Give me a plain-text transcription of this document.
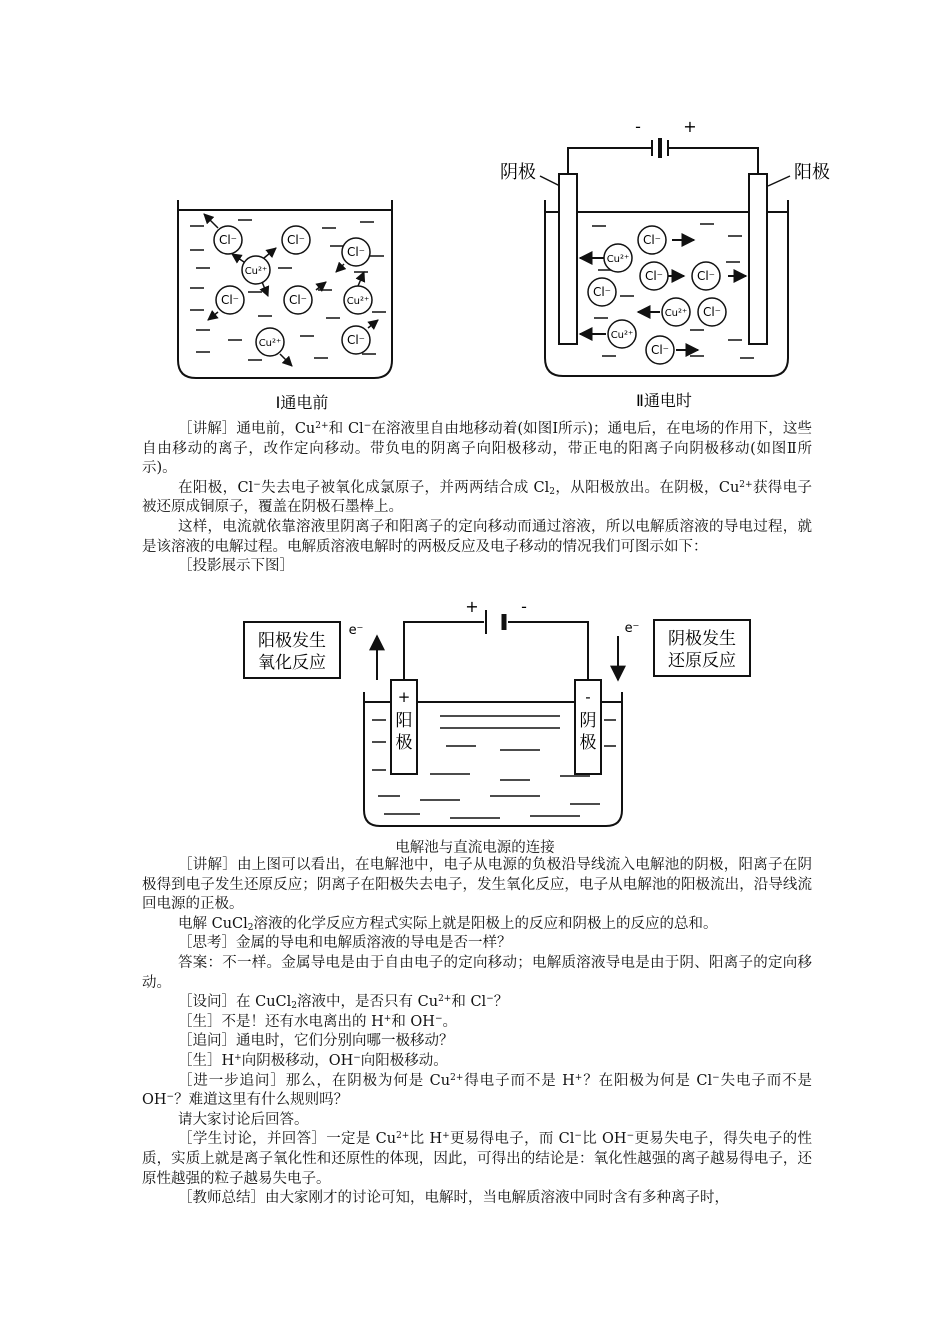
Cl⁻	Cl⁻
Cl⁻
Cu²⁺
Cl⁻	Cl⁻	Cu²⁺
Cu²⁺	Cl⁻
Ⅰ通电前
-	+
阴极	阳极
Cl⁻
Cu²⁺
Cl⁻	Cl⁻
Cl⁻
Cu²⁺ Cl⁻
Cu²⁺
Cl⁻
Ⅱ通电时

［讲解］通电前，$Cu^{2+}$和 Cl−在溶液里自由地移动着(如图Ⅰ所示)；通电后，在电场的作用下，这些自由移动的离子，改作定向移动。带负电的阴离子向阳极移动，带正电的阳离子向阴极移动(如图Ⅱ所示)。

在阳极，Cl−失去电子被氧化成氯原子，并两两结合成 $Cl_2$，从阳极放出。在阴极，$Cu^{2+}$获得电子被还原成铜原子，覆盖在阴极石墨棒上。

这样，电流就依靠溶液里阴离子和阳离子的定向移动而通过溶液，所以电解质溶液的导电过程，就是该溶液的电解过程。电解质溶液电解时的两极反应及电子移动的情况我们可图示如下：

［投影展示下图］

阳极发生
氧化反应
阴极发生
还原反应
e⁻	e⁻
+	-
+
阳
极
-
阴
极
电解池与直流电源的连接

［讲解］由上图可以看出，在电解池中，电子从电源的负极沿导线流入电解池的阴极，阳离子在阴极得到电子发生还原反应；阴离子在阳极失去电子，发生氧化反应，电子从电解池的阳极流出，沿导线流回电源的正极。

电解 CuCl$_2$溶液的化学反应方程式实际上就是阳极上的反应和阴极上的反应的总和。

［思考］金属的导电和电解质溶液的导电是否一样？

答案：不一样。金属导电是由于自由电子的定向移动；电解质溶液导电是由于阴、阳离子的定向移动。

［设问］在 CuCl$_2$溶液中，是否只有 $Cu^{2+}$和 Cl−？

［生］不是！还有水电离出的 H+和 OH−。

［追问］通电时，它们分别向哪一极移动？

［生］H+向阴极移动，OH−向阳极移动。

［进一步追问］那么，在阴极为何是 $Cu^{2+}$得电子而不是 H+？在阳极为何是 Cl−失电子而不是 OH−？难道这里有什么规则吗？

请大家讨论后回答。

［学生讨论，并回答］一定是 $Cu^{2+}$比 H+更易得电子，而 Cl−比 OH−更易失电子，得失电子的性质，实质上就是离子氧化性和还原性的体现，因此，可得出的结论是：氧化性越强的离子越易得电子，还原性越强的粒子越易失电子。

［教师总结］由大家刚才的讨论可知，电解时，当电解质溶液中同时含有多种离子时，
